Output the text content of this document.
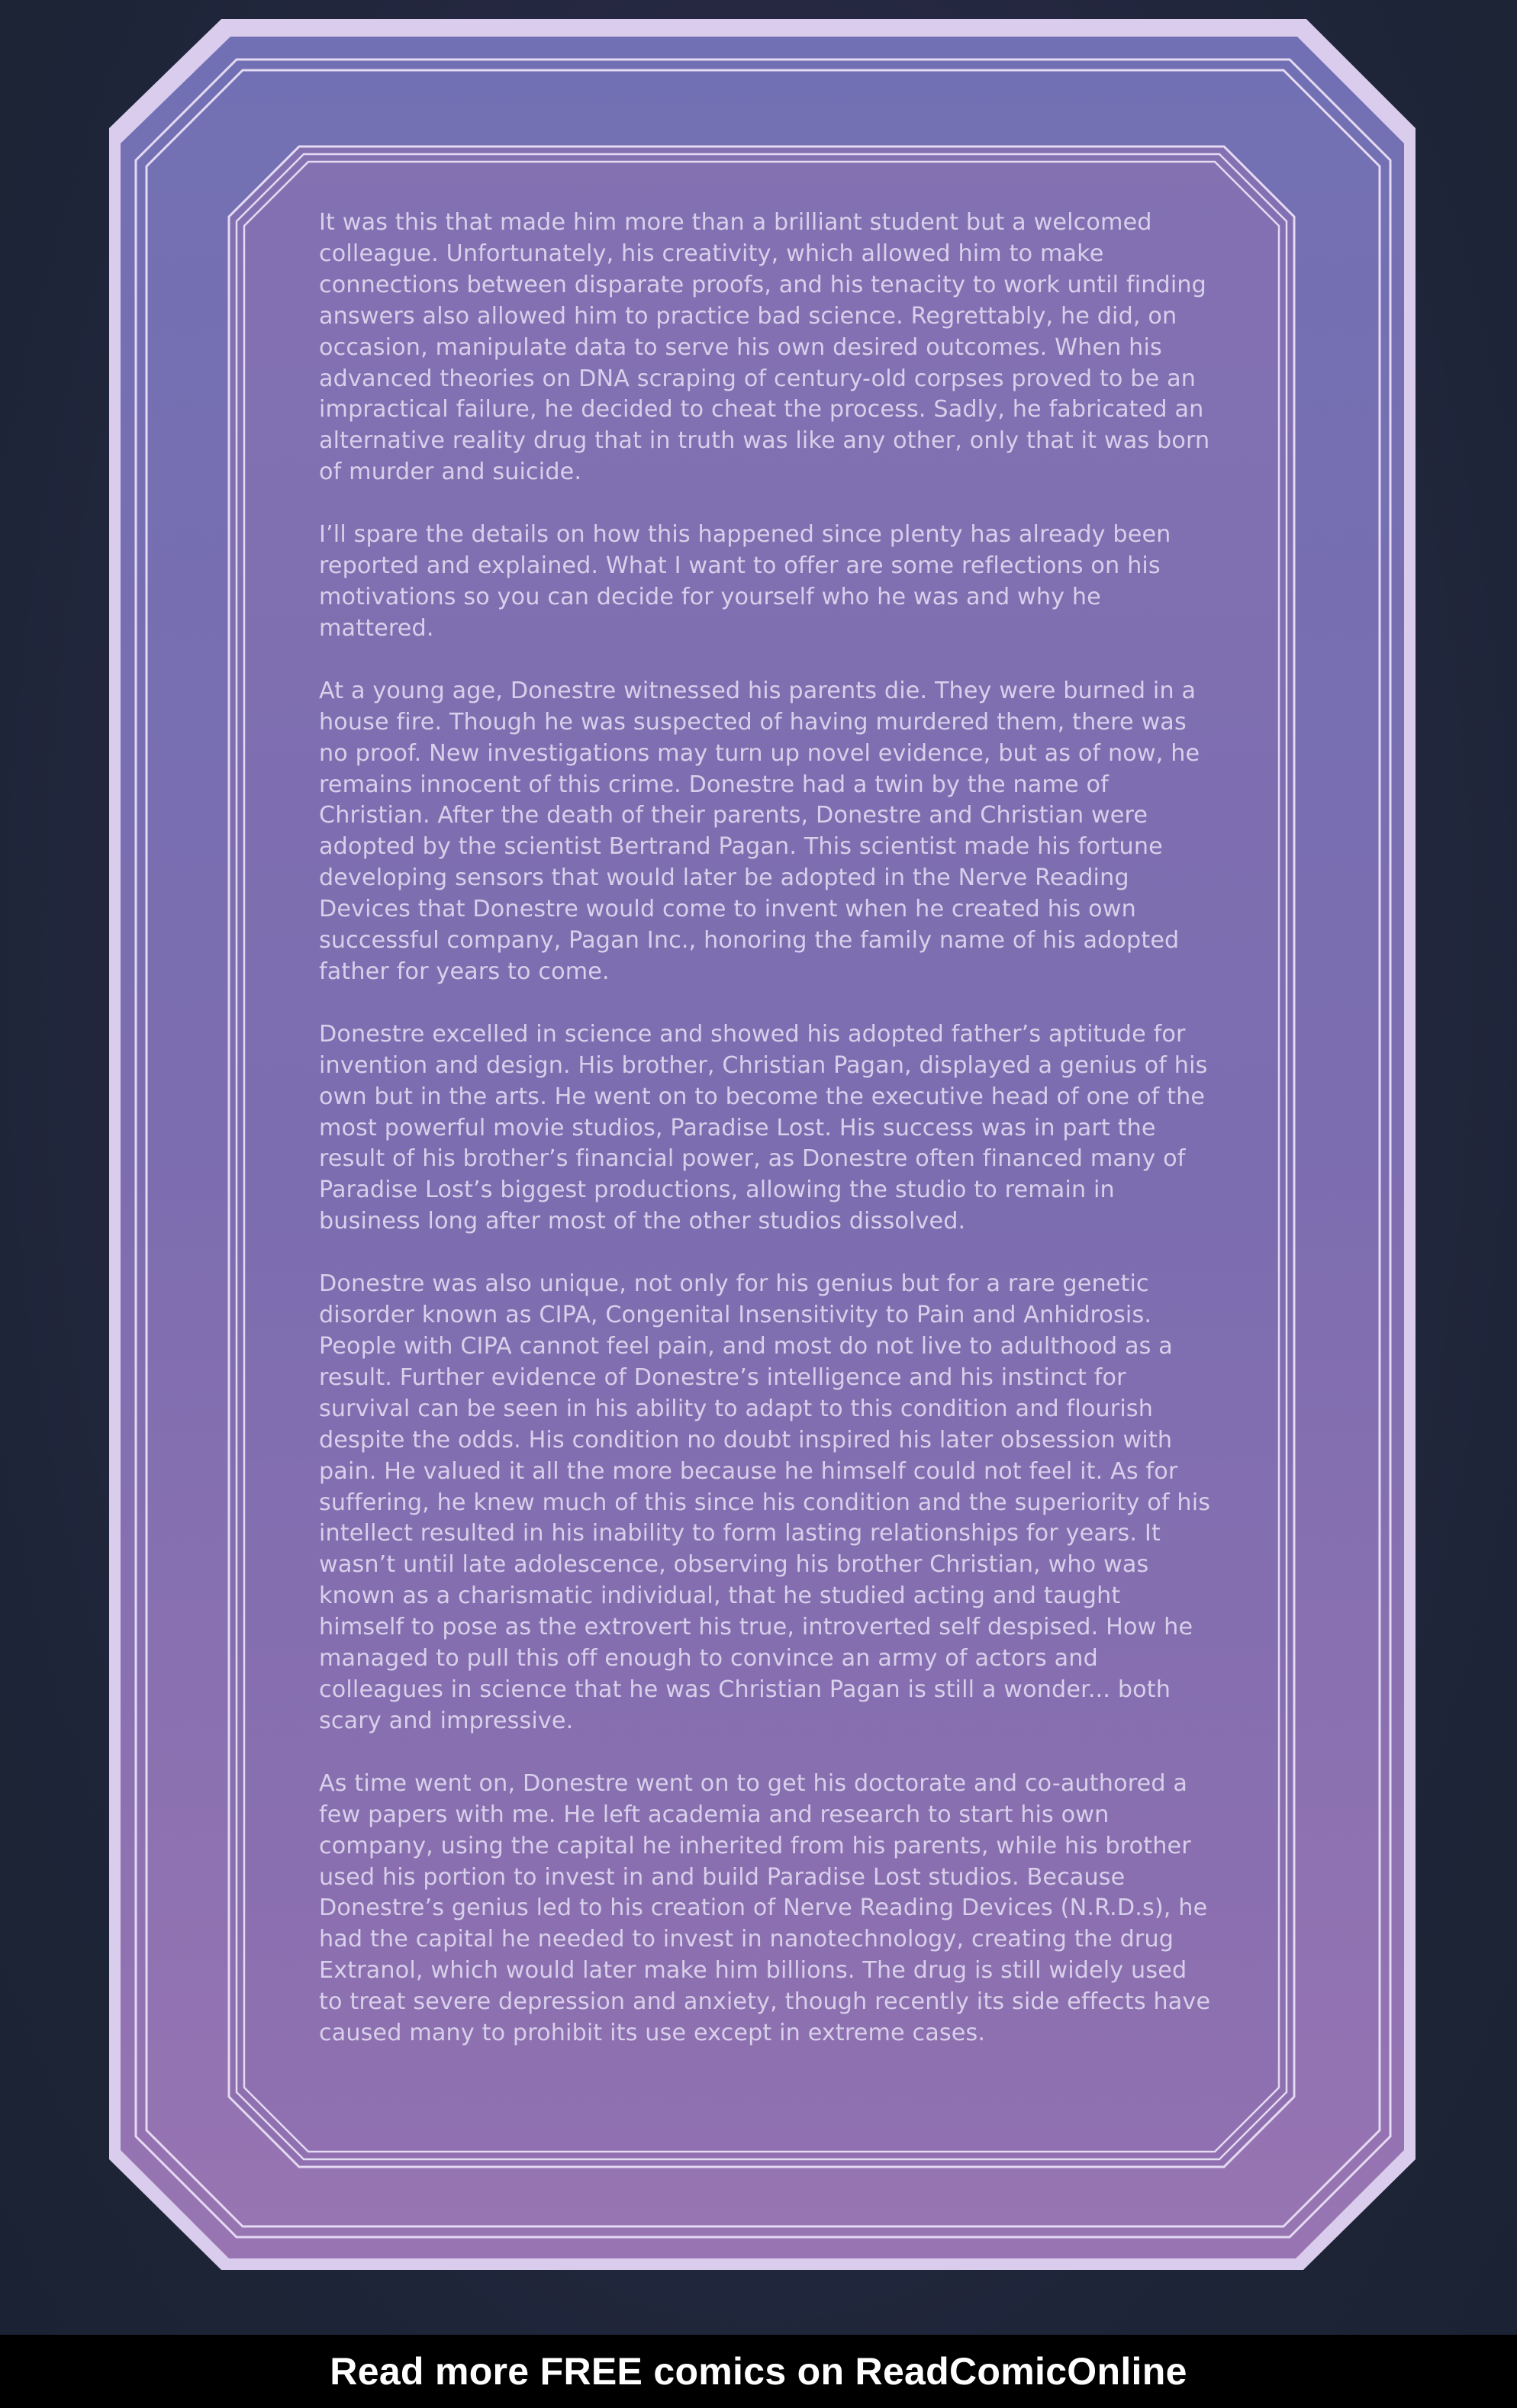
It was this that made him more than a brilliant student but a welcomed colleague. Unfortunately, his creativity, which allowed him to make connections between disparate proofs, and his tenacity to work until finding answers also allowed him to practice bad science. Regrettably, he did, on occasion, manipulate data to serve his own desired outcomes. When his advanced theories on DNA scraping of century-old corpses proved to be an impractical failure, he decided to cheat the process. Sadly, he fabricated an alternative reality drug that in truth was like any other, only that it was born of murder and suicide.

I’ll spare the details on how this happened since plenty has already been reported and explained. What I want to offer are some reflections on his motivations so you can decide for yourself who he was and why he mattered.

At a young age, Donestre witnessed his parents die. They were burned in a house fire. Though he was suspected of having murdered them, there was no proof. New investigations may turn up novel evidence, but as of now, he remains innocent of this crime. Donestre had a twin by the name of Christian. After the death of their parents, Donestre and Christian were adopted by the scientist Bertrand Pagan. This scientist made his fortune developing sensors that would later be adopted in the Nerve Reading Devices that Donestre would come to invent when he created his own successful company, Pagan Inc., honoring the family name of his adopted father for years to come.

Donestre excelled in science and showed his adopted father’s aptitude for invention and design. His brother, Christian Pagan, displayed a genius of his own but in the arts. He went on to become the executive head of one of the most powerful movie studios, Paradise Lost. His success was in part the result of his brother’s financial power, as Donestre often financed many of Paradise Lost’s biggest productions, allowing the studio to remain in business long after most of the other studios dissolved.

Donestre was also unique, not only for his genius but for a rare genetic disorder known as CIPA, Congenital Insensitivity to Pain and Anhidrosis. People with CIPA cannot feel pain, and most do not live to adulthood as a result. Further evidence of Donestre’s intelligence and his instinct for survival can be seen in his ability to adapt to this condition and flourish despite the odds. His condition no doubt inspired his later obsession with pain. He valued it all the more because he himself could not feel it. As for suffering, he knew much of this since his condition and the superiority of his intellect resulted in his inability to form lasting relationships for years. It wasn’t until late adolescence, observing his brother Christian, who was known as a charismatic individual, that he studied acting and taught himself to pose as the extrovert his true, introverted self despised. How he managed to pull this off enough to convince an army of actors and colleagues in science that he was Christian Pagan is still a wonder... both scary and impressive.

As time went on, Donestre went on to get his doctorate and co-authored a few papers with me. He left academia and research to start his own company, using the capital he inherited from his parents, while his brother used his portion to invest in and build Paradise Lost studios. Because Donestre’s genius led to his creation of Nerve Reading Devices (N.R.D.s), he had the capital he needed to invest in nanotechnology, creating the drug Extranol, which would later make him billions. The drug is still widely used to treat severe depression and anxiety, though recently its side effects have caused many to prohibit its use except in extreme cases.

Read more FREE comics on ReadComicOnline
